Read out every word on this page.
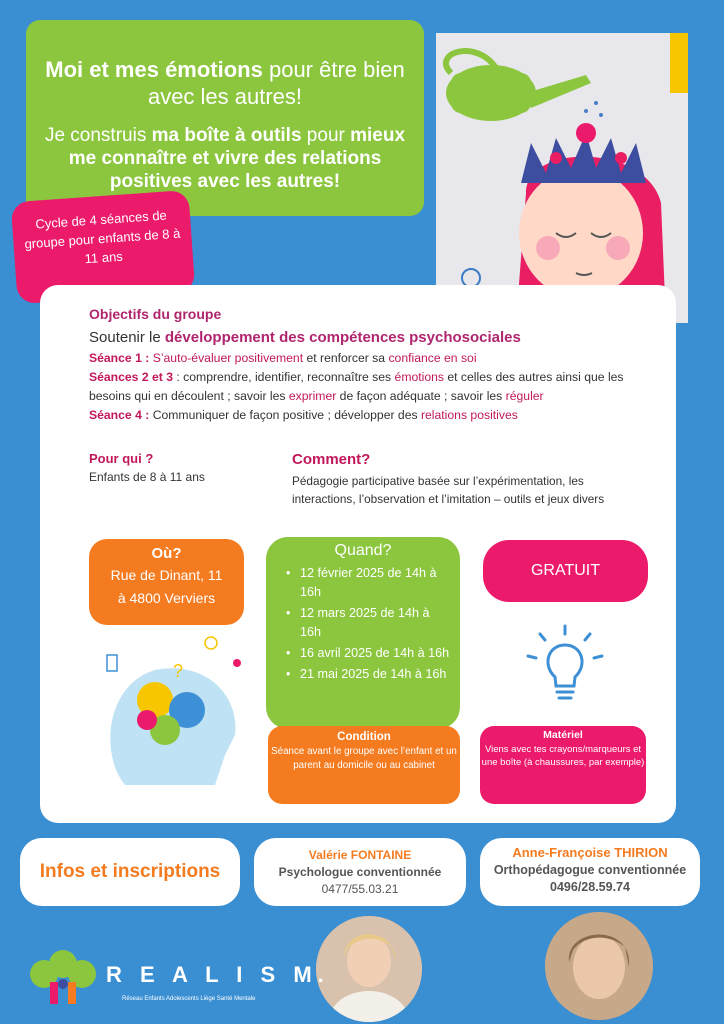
Moi et mes émotions pour être bien avec les autres!
Je construis ma boîte à outils pour mieux me connaître et vivre des relations positives avec les autres!
Cycle de 4 séances de groupe pour enfants de 8 à 11 ans
Objectifs du groupe
Soutenir le développement des compétences psychosociales
Séance 1 : S’auto-évaluer positivement et renforcer sa confiance en soi
Séances 2 et 3 : comprendre, identifier, reconnaître ses émotions et celles des autres ainsi que les besoins qui en découlent ; savoir les exprimer de façon adéquate ; savoir les réguler
Séance 4 : Communiquer de façon positive ; développer des relations positives
Pour qui ?
Enfants de 8 à 11 ans
Comment?
Pédagogie participative basée sur l’expérimentation, les interactions, l’observation et l’imitation – outils et jeux divers
Où?
Rue de Dinant, 11
à 4800 Verviers
Quand?
• 12 février 2025 de 14h à 16h
• 12 mars 2025 de 14h à 16h
• 16 avril 2025 de 14h à 16h
• 21 mai 2025 de 14h à 16h
GRATUIT
?
Condition
Séance avant le groupe avec l’enfant et un parent au domicile ou au cabinet
Matériel
Viens avec tes crayons/marqueurs et une boîte (à chaussures, par exemple)
Infos et inscriptions
Valérie FONTAINE
Psychologue conventionnée
0477/55.03.21
Anne-Françoise THIRION
Orthopédagogue conventionnée
0496/28.59.74
R E A L I S M.
Réseau Enfants Adolescents Liège Santé Mentale
